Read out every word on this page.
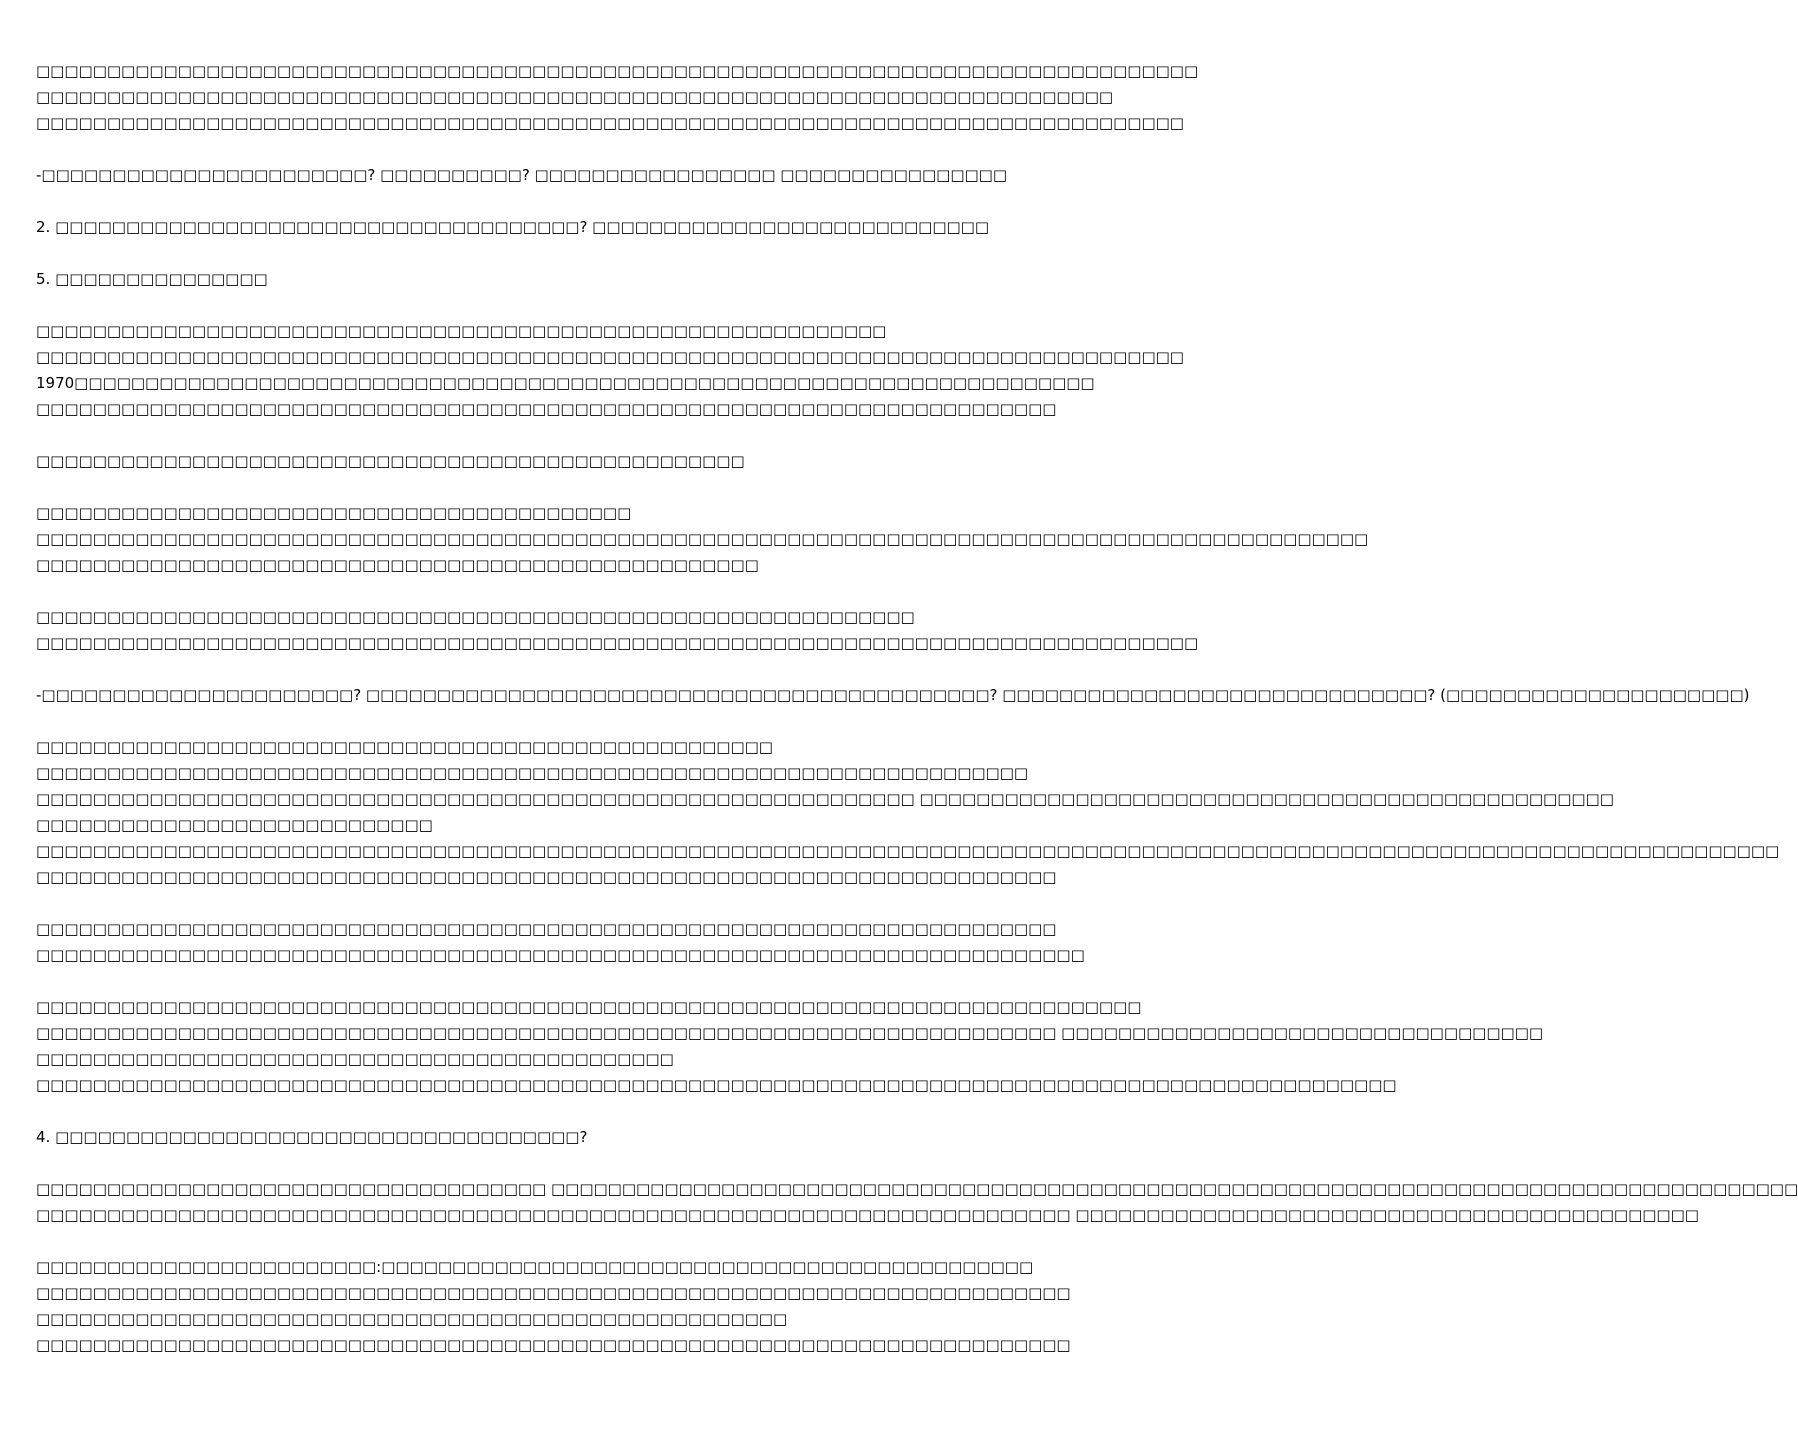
□□□□□□□□□□□□□□□□□□□□□□□□□□□□□□□□□□□□□□□□□□□□□□□□□□□□□□□□□□□□□□□□□□□□□□□□□□□□□□□□□□
□□□□□□□□□□□□□□□□□□□□□□□□□□□□□□□□□□□□□□□□□□□□□□□□□□□□□□□□□□□□□□□□□□□□□□□□□□□□
□□□□□□□□□□□□□□□□□□□□□□□□□□□□□□□□□□□□□□□□□□□□□□□□□□□□□□□□□□□□□□□□□□□□□□□□□□□□□□□□□
-□□□□□□□□□□□□□□□□□□□□□□□? □□□□□□□□□□? □□□□□□□□□□□□□□□□□ □□□□□□□□□□□□□□□□
2. □□□□□□□□□□□□□□□□□□□□□□□□□□□□□□□□□□□□□? □□□□□□□□□□□□□□□□□□□□□□□□□□□□
5. □□□□□□□□□□□□□□□
□□□□□□□□□□□□□□□□□□□□□□□□□□□□□□□□□□□□□□□□□□□□□□□□□□□□□□□□□□□□
□□□□□□□□□□□□□□□□□□□□□□□□□□□□□□□□□□□□□□□□□□□□□□□□□□□□□□□□□□□□□□□□□□□□□□□□□□□□□□□□□
1970□□□□□□□□□□□□□□□□□□□□□□□□□□□□□□□□□□□□□□□□□□□□□□□□□□□□□□□□□□□□□□□□□□□□□□□□
□□□□□□□□□□□□□□□□□□□□□□□□□□□□□□□□□□□□□□□□□□□□□□□□□□□□□□□□□□□□□□□□□□□□□□□□
□□□□□□□□□□□□□□□□□□□□□□□□□□□□□□□□□□□□□□□□□□□□□□□□□□
□□□□□□□□□□□□□□□□□□□□□□□□□□□□□□□□□□□□□□□□□□
□□□□□□□□□□□□□□□□□□□□□□□□□□□□□□□□□□□□□□□□□□□□□□□□□□□□□□□□□□□□□□□□□□□□□□□□□□□□□□□□□□□□□□□□□□□□□□
□□□□□□□□□□□□□□□□□□□□□□□□□□□□□□□□□□□□□□□□□□□□□□□□□□□
□□□□□□□□□□□□□□□□□□□□□□□□□□□□□□□□□□□□□□□□□□□□□□□□□□□□□□□□□□□□□□
□□□□□□□□□□□□□□□□□□□□□□□□□□□□□□□□□□□□□□□□□□□□□□□□□□□□□□□□□□□□□□□□□□□□□□□□□□□□□□□□□□
-□□□□□□□□□□□□□□□□□□□□□□? □□□□□□□□□□□□□□□□□□□□□□□□□□□□□□□□□□□□□□□□□□□□? □□□□□□□□□□□□□□□□□□□□□□□□□□□□□□? (□□□□□□□□□□□□□□□□□□□□□)
□□□□□□□□□□□□□□□□□□□□□□□□□□□□□□□□□□□□□□□□□□□□□□□□□□□□
□□□□□□□□□□□□□□□□□□□□□□□□□□□□□□□□□□□□□□□□□□□□□□□□□□□□□□□□□□□□□□□□□□□□□□
□□□□□□□□□□□□□□□□□□□□□□□□□□□□□□□□□□□□□□□□□□□□□□□□□□□□□□□□□□□□□□ □□□□□□□□□□□□□□□□□□□□□□□□□□□□□□□□□□□□□□□□□□□□□□□□□
□□□□□□□□□□□□□□□□□□□□□□□□□□□□
□□□□□□□□□□□□□□□□□□□□□□□□□□□□□□□□□□□□□□□□□□□□□□□□□□□□□□□□□□□□□□□□□□□□□□□□□□□□□□□□□□□□□□□□□□□□□□□□□□□□□□□□□□□□□□□□□□□□□□□□□□□
□□□□□□□□□□□□□□□□□□□□□□□□□□□□□□□□□□□□□□□□□□□□□□□□□□□□□□□□□□□□□□□□□□□□□□□□
□□□□□□□□□□□□□□□□□□□□□□□□□□□□□□□□□□□□□□□□□□□□□□□□□□□□□□□□□□□□□□□□□□□□□□□□
□□□□□□□□□□□□□□□□□□□□□□□□□□□□□□□□□□□□□□□□□□□□□□□□□□□□□□□□□□□□□□□□□□□□□□□□□□
□□□□□□□□□□□□□□□□□□□□□□□□□□□□□□□□□□□□□□□□□□□□□□□□□□□□□□□□□□□□□□□□□□□□□□□□□□□□□□
□□□□□□□□□□□□□□□□□□□□□□□□□□□□□□□□□□□□□□□□□□□□□□□□□□□□□□□□□□□□□□□□□□□□□□□□ □□□□□□□□□□□□□□□□□□□□□□□□□□□□□□□□□□
□□□□□□□□□□□□□□□□□□□□□□□□□□□□□□□□□□□□□□□□□□□□□
□□□□□□□□□□□□□□□□□□□□□□□□□□□□□□□□□□□□□□□□□□□□□□□□□□□□□□□□□□□□□□□□□□□□□□□□□□□□□□□□□□□□□□□□□□□□□□□□
4. □□□□□□□□□□□□□□□□□□□□□□□□□□□□□□□□□□□□□?
□□□□□□□□□□□□□□□□□□□□□□□□□□□□□□□□□□□□ □□□□□□□□□□□□□□□□□□□□□□□□□□□□□□□□□□□□□□□□□□□□□□□□□□□□□□□□□□□□□□□□□□□□□□□□□□□□□□□□□□□□□□□□
□□□□□□□□□□□□□□□□□□□□□□□□□□□□□□□□□□□□□□□□□□□□□□□□□□□□□□□□□□□□□□□□□□□□□□□□□ □□□□□□□□□□□□□□□□□□□□□□□□□□□□□□□□□□□□□□□□□□□□
□□□□□□□□□□□□□□□□□□□□□□□□:□□□□□□□□□□□□□□□□□□□□□□□□□□□□□□□□□□□□□□□□□□□□□□
□□□□□□□□□□□□□□□□□□□□□□□□□□□□□□□□□□□□□□□□□□□□□□□□□□□□□□□□□□□□□□□□□□□□□□□□□
□□□□□□□□□□□□□□□□□□□□□□□□□□□□□□□□□□□□□□□□□□□□□□□□□□□□□
□□□□□□□□□□□□□□□□□□□□□□□□□□□□□□□□□□□□□□□□□□□□□□□□□□□□□□□□□□□□□□□□□□□□□□□□□
